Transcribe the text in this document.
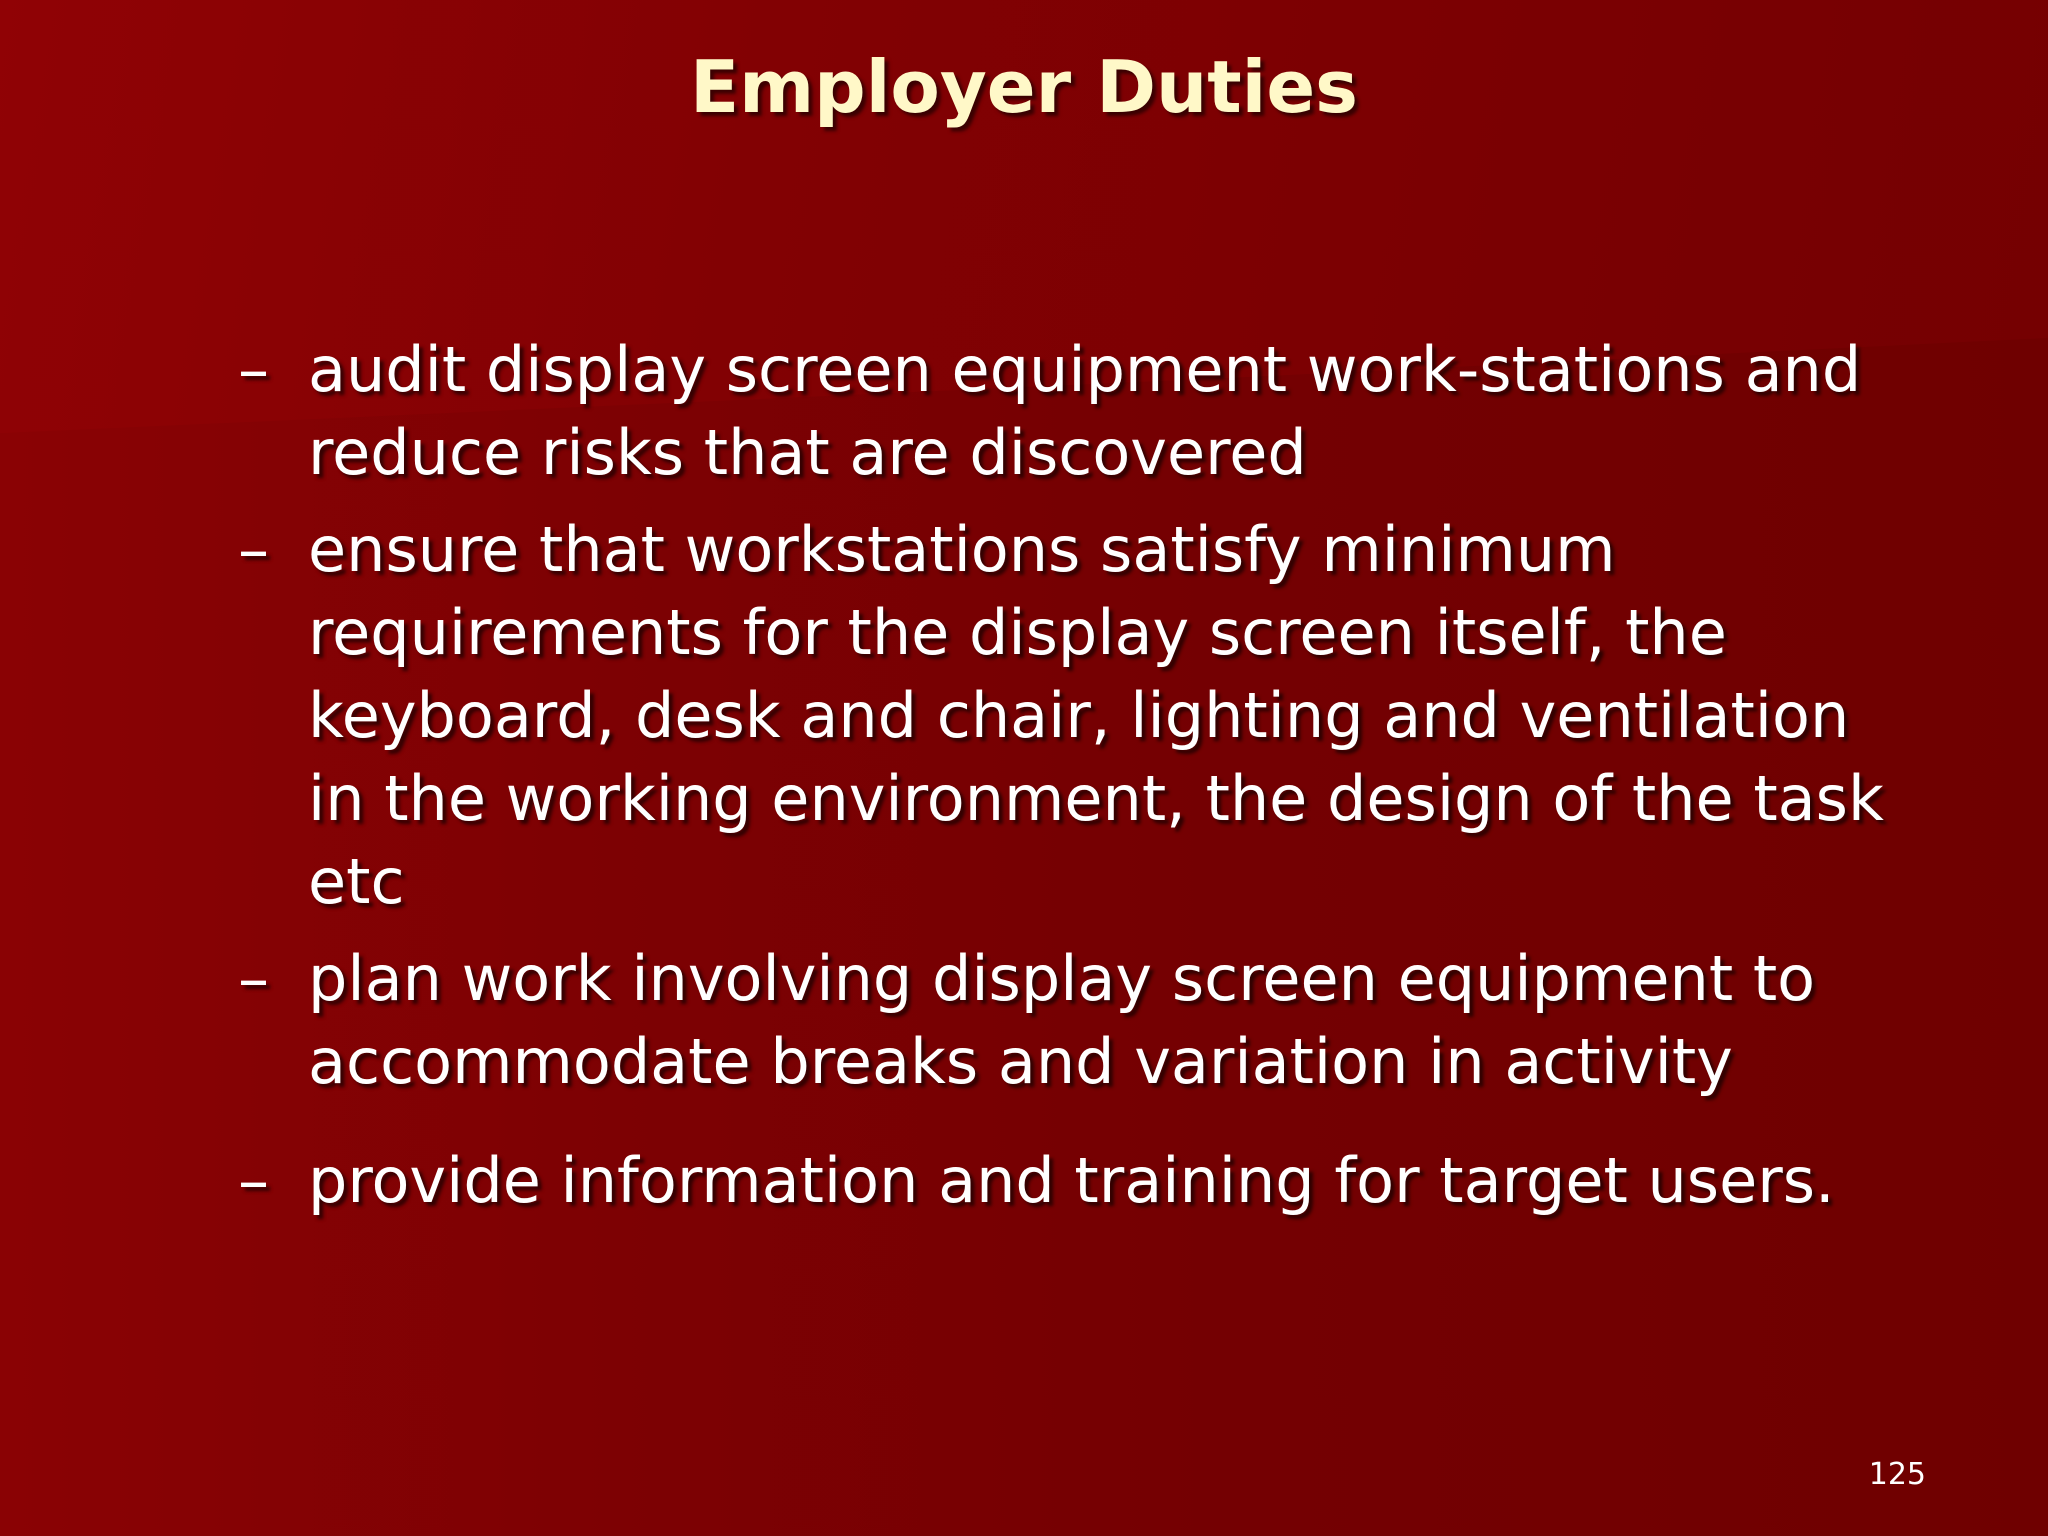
Employer Duties
– audit display screen equipment work-stations and reduce risks that are discovered
– ensure that workstations satisfy minimum requirements for the display screen itself, the keyboard, desk and chair, lighting and ventilation in the working environment, the design of the task etc
– plan work involving display screen equipment to accommodate breaks and variation in activity
– provide information and training for target users.
125
